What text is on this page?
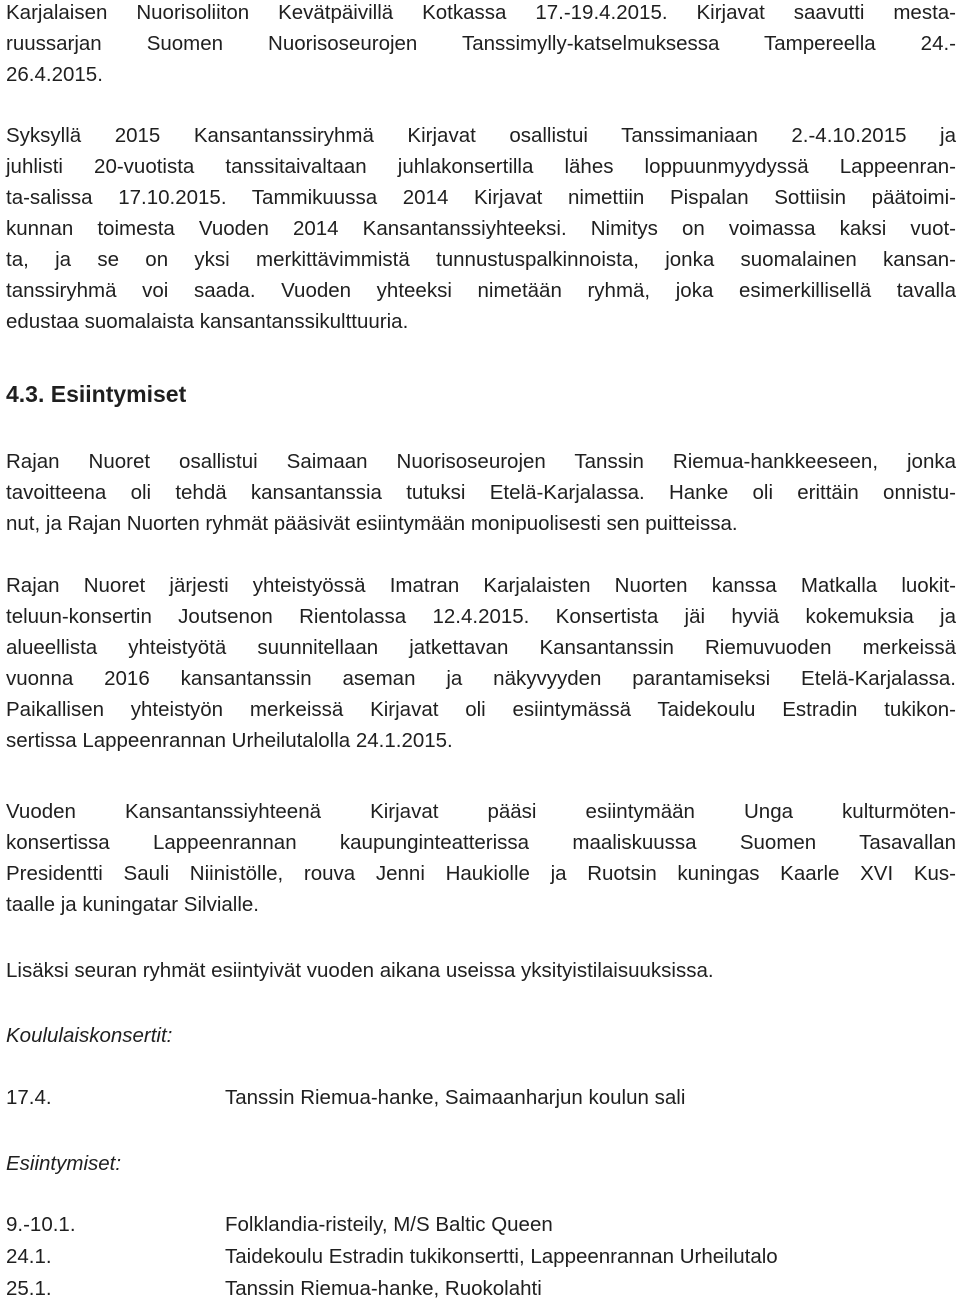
Karjalaisen Nuorisoliiton Kevätpäivillä Kotkassa 17.-19.4.2015. Kirjavat saavutti mesta-
ruussarjan Suomen Nuorisoseurojen Tanssimylly-katselmuksessa Tampereella 24.-
26.4.2015.
Syksyllä 2015 Kansantanssiryhmä Kirjavat osallistui Tanssimaniaan 2.-4.10.2015 ja
juhlisti 20-vuotista tanssitaivaltaan juhlakonsertilla lähes loppuunmyydyssä Lappeenran-
ta-salissa 17.10.2015. Tammikuussa 2014 Kirjavat nimettiin Pispalan Sottiisin päätoimi-
kunnan toimesta Vuoden 2014 Kansantanssiyhteeksi. Nimitys on voimassa kaksi vuot-
ta, ja se on yksi merkittävimmistä tunnustuspalkinnoista, jonka suomalainen kansan-
tanssiryhmä voi saada. Vuoden yhteeksi nimetään ryhmä, joka esimerkillisellä tavalla
edustaa suomalaista kansantanssikulttuuria.
4.3. Esiintymiset
Rajan Nuoret osallistui Saimaan Nuorisoseurojen Tanssin Riemua-hankkeeseen, jonka
tavoitteena oli tehdä kansantanssia tutuksi Etelä-Karjalassa. Hanke oli erittäin onnistu-
nut, ja Rajan Nuorten ryhmät pääsivät esiintymään monipuolisesti sen puitteissa.
Rajan Nuoret järjesti yhteistyössä Imatran Karjalaisten Nuorten kanssa Matkalla luokit-
teluun-konsertin Joutsenon Rientolassa 12.4.2015. Konsertista jäi hyviä kokemuksia ja
alueellista yhteistyötä suunnitellaan jatkettavan Kansantanssin Riemuvuoden merkeissä
vuonna 2016 kansantanssin aseman ja näkyvyyden parantamiseksi Etelä-Karjalassa.
Paikallisen yhteistyön merkeissä Kirjavat oli esiintymässä Taidekoulu Estradin tukikon-
sertissa Lappeenrannan Urheilutalolla 24.1.2015.
Vuoden Kansantanssiyhteenä Kirjavat pääsi esiintymään Unga kulturmöten-
konsertissa Lappeenrannan kaupunginteatterissa maaliskuussa Suomen Tasavallan
Presidentti Sauli Niinistölle, rouva Jenni Haukiolle ja Ruotsin kuningas Kaarle XVI Kus-
taalle ja kuningatar Silvialle.
Lisäksi seuran ryhmät esiintyivät vuoden aikana useissa yksityistilaisuuksissa.
Koululaiskonsertit:
17.4.	Tanssin Riemua-hanke, Saimaanharjun koulun sali
Esiintymiset:
9.-10.1.	Folklandia-risteily, M/S Baltic Queen
24.1.	Taidekoulu Estradin tukikonsertti, Lappeenrannan Urheilutalo
25.1.	Tanssin Riemua-hanke, Ruokolahti
